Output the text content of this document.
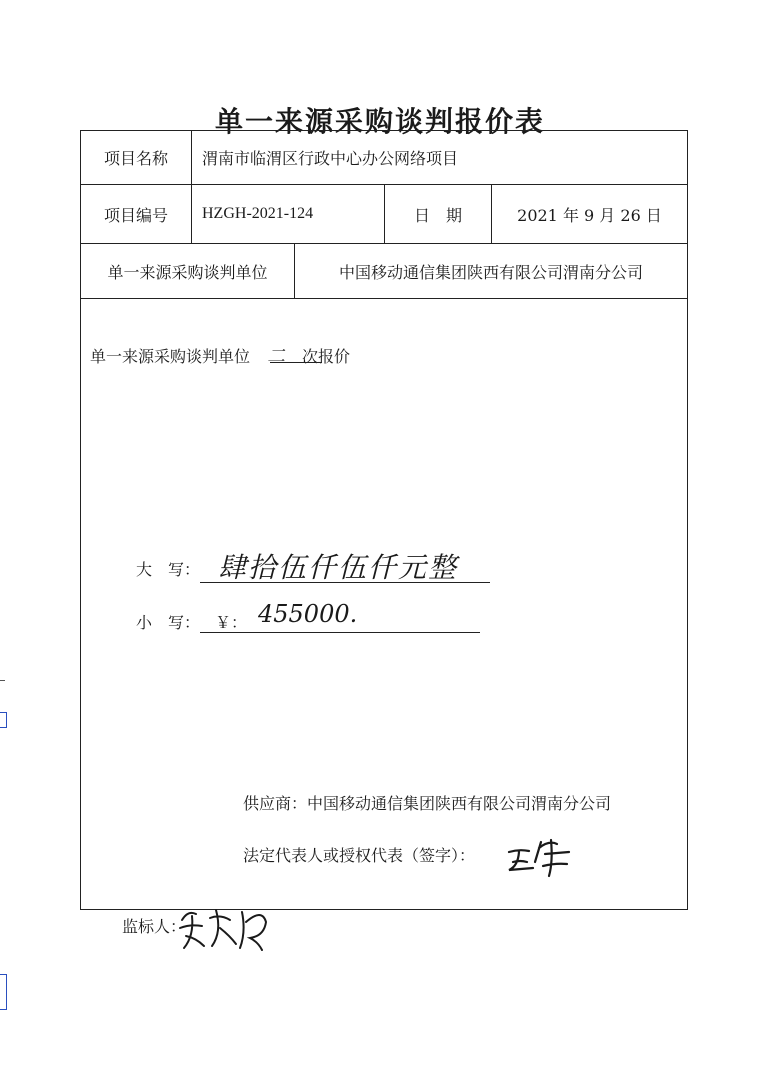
单一来源采购谈判报价表
项目名称	渭南市临渭区行政中心办公网络项目
项目编号	HZGH-2021-124	日　期	2021 年 9 月 26 日
单一来源采购谈判单位	中国移动通信集团陕西有限公司渭南分公司
单一来源采购谈判单位 二 次报价
大　写： 肆拾伍仟伍仟元整
小　写： ￥： 455000.
供应商：中国移动通信集团陕西有限公司渭南分公司
法定代表人或授权代表（签字）：
监标人：
